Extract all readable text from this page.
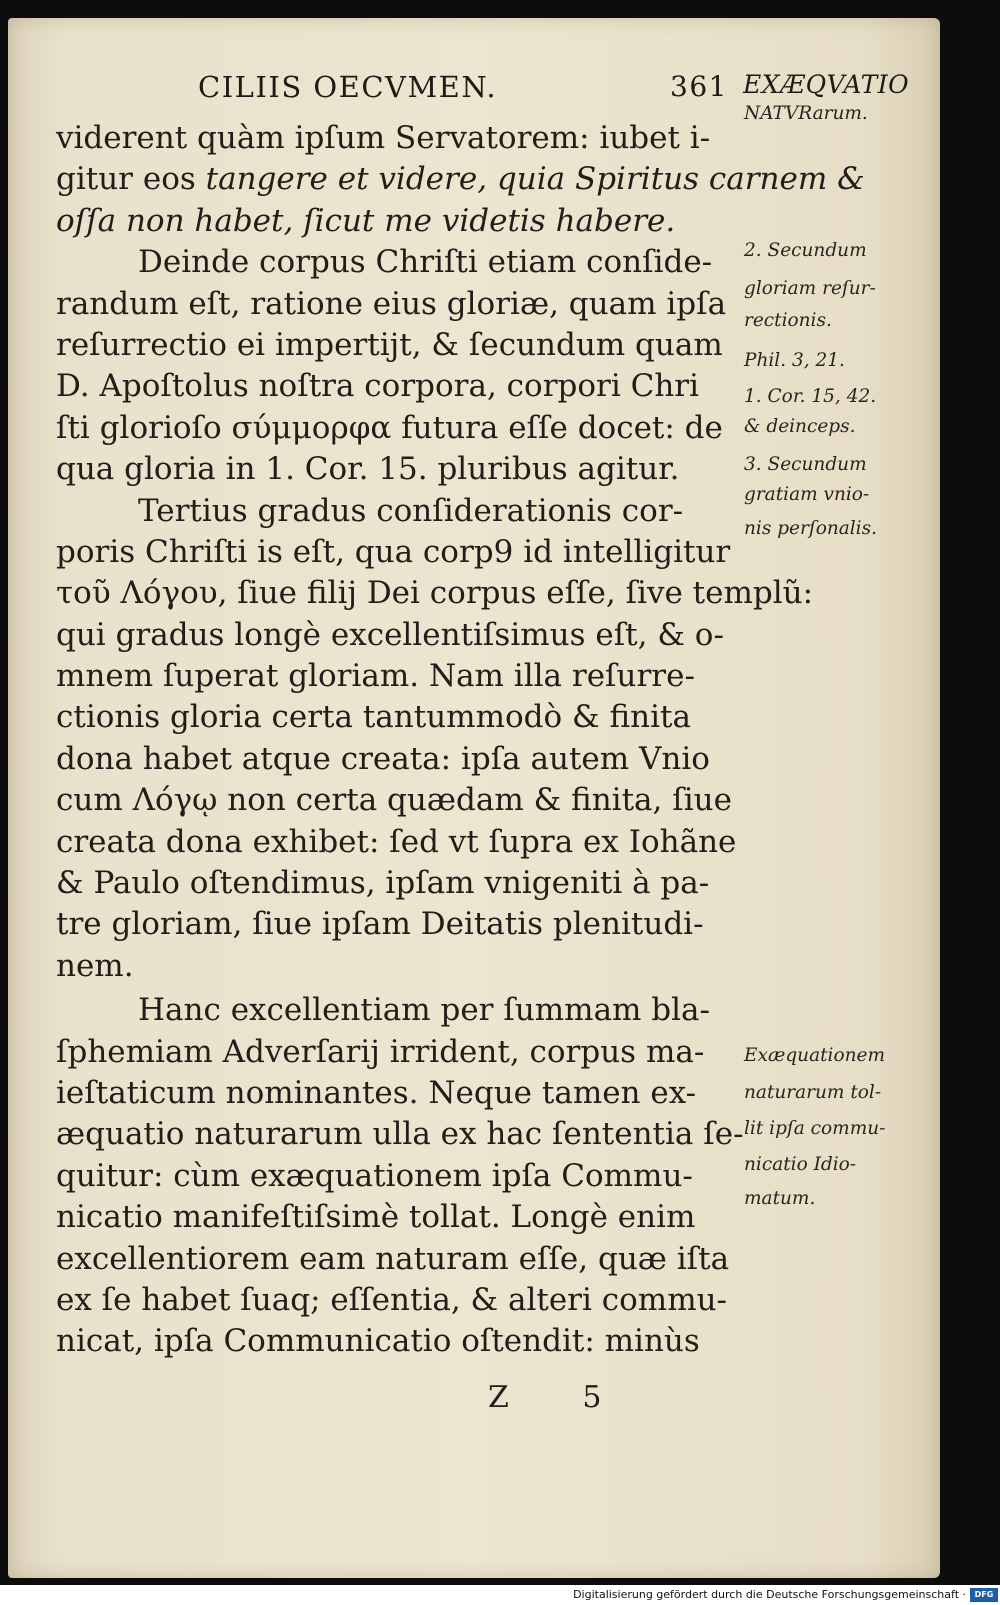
CILIIS OECVMEN.	361 EXÆQVATIO
viderent quàm ipſum Servatorem: iubet i-
gitur eos tangere et videre, quia Spiritus carnem &
oſſa non habet, ſicut me videtis habere.
Deinde corpus Chriſti etiam conſide-
randum eſt, ratione eius gloriæ, quam ipſa
reſurrectio ei impertijt, & ſecundum quam
D. Apoſtolus noſtra corpora, corpori Chri
ſti glorioſo σύμμορφα futura eſſe docet: de
qua gloria in 1. Cor. 15. pluribus agitur.
Tertius gradus conſiderationis cor-
poris Chriſti is eſt, qua corp9 id intelligitur
τοῦ Λόγου, ſiue filij Dei corpus eſſe, ſive templũ:
qui gradus longè excellentiſsimus eſt, & o-
mnem ſuperat gloriam. Nam illa reſurre-
ctionis gloria certa tantummodò & finita
dona habet atque creata: ipſa autem Vnio
cum Λόγῳ non certa quædam & finita, ſiue
creata dona exhibet: ſed vt ſupra ex Iohãne
& Paulo oſtendimus, ipſam vnigeniti à pa-
tre gloriam, ſiue ipſam Deitatis plenitudi-
nem.
Hanc excellentiam per ſummam bla-
ſphemiam Adverſarij irrident, corpus ma-
ieſtaticum nominantes. Neque tamen ex-
æquatio naturarum ulla ex hac ſententia ſe-
quitur: cùm exæquationem ipſa Commu-
nicatio manifeſtiſsimè tollat. Longè enim
excellentiorem eam naturam eſſe, quæ iſta
ex ſe habet ſuaq; eſſentia, & alteri commu-
nicat, ipſa Communicatio oſtendit: minùs
NATVRarum.
2. Secundum
gloriam reſur-
rectionis.
Phil. 3, 21.
1. Cor. 15, 42.
& deinceps.
3. Secundum
gratiam vnio-
nis perſonalis.
Exæquationem
naturarum tol-
lit ipſa commu-
nicatio Idio-
matum.
Z 5
Digitalisierung gefördert durch die Deutsche Forschungsgemeinschaft ·	DFG
